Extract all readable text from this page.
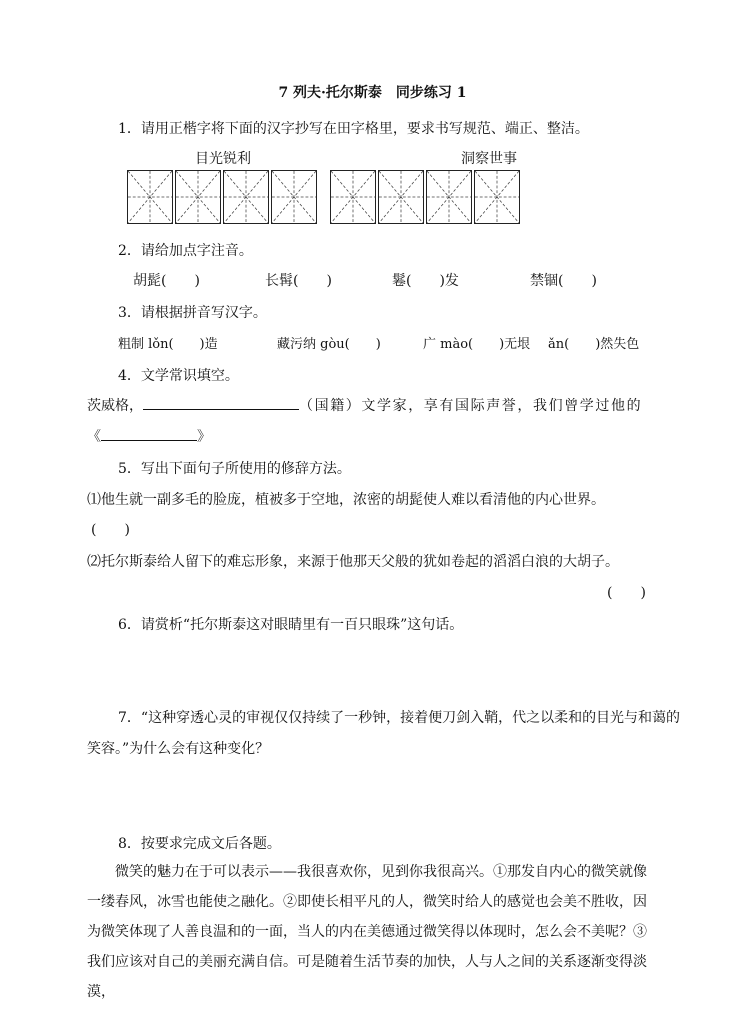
7 列夫·托尔斯泰　同步练习 1
1．请用正楷字将下面的汉字抄写在田字格里，要求书写规范、端正、整洁。
目光锐利	洞察世事
2．请给加点字注音。
胡髭(　　)	长髯(　　)	鬈(　　)发	禁锢(　　)
3．请根据拼音写汉字。
粗制 lǒn(　　)造	藏污纳 gòu(　　)	广 mào(　　)无垠 ǎn(　　)然失色
4．文学常识填空。
茨威格，	（国籍）文学家，享有国际声誉，我们曾学过他的
《	》
5．写出下面句子所使用的修辞方法。
⑴他生就一副多毛的脸庞，植被多于空地，浓密的胡髭使人难以看清他的内心世界。
(　　)
⑵托尔斯泰给人留下的难忘形象，来源于他那天父般的犹如卷起的滔滔白浪的大胡子。
(　　)
6．请赏析“托尔斯泰这对眼睛里有一百只眼珠”这句话。
7．“这种穿透心灵的审视仅仅持续了一秒钟，接着便刀剑入鞘，代之以柔和的目光与和蔼的
笑容。”为什么会有这种变化？
8．按要求完成文后各题。
微笑的魅力在于可以表示——我很喜欢你，见到你我很高兴。①那发自内心的微笑就像一缕春风，冰雪也能使之融化。②即使长相平凡的人，微笑时给人的感觉也会美不胜收，因为微笑体现了人善良温和的一面，当人的内在美德通过微笑得以体现时，怎么会不美呢？③我们应该对自己的美丽充满自信。可是随着生活节奏的加快，人与人之间的关系逐渐变得淡漠，
